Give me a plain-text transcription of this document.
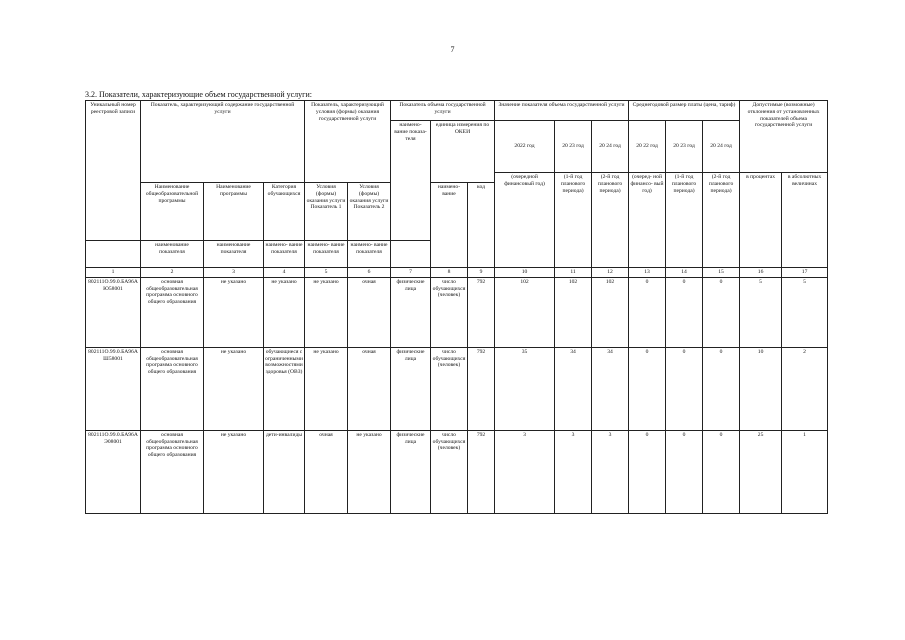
7
3.2. Показатели, характеризующие объем государственной услуги:
Уникальный номер реестровой записи	Показатель, характеризующий содержание государственной услуги			Показатель, характеризующий условия (формы) оказания государственной услуги		Показатель объема государственной услуги			Значение показателя объема государственной услуги			Среднегодовой размер платы (цена, тариф)			Допустимые (возможные) отклонения от установленных показателей объема государственной услуги	
						наимено- вание показа- теля	единица измерения по ОКЕИ		2022 год	20 23 год	20 24 год	20 22 год	20 23 год	20 24 год		
									(очередной финансовый год)	(1-й год планового периода)	(2-й год планового периода)	(очеред- ной финансо- вый год)	(1-й год планового периода)	(2-й год планового периода)	в процентах	в абсолютных величинах
	Наименование общеобразовательной программы	Наименование программы	Категория обучающихся	Условия (формы) оказания услуги Показатель 1	Условия (формы) оказания услуги Показатель 2		наимено- вание	код								
	наименование показателя	наименование показателя	наимено- вание показателя	наимено- вание показателя	наимено- вание показателя											
1	2	3	4	5	6	7	8	9	10	11	12	13	14	15	16	17
802111О.99.0.БА96АЮ58001	основная общеобразовательная программа основного общего образования	не указано	не указано	не указано	очная	физические лица	число обучающихся (человек)	792	102	102	102	0	0	0	5	5
802111О.99.0.БА96АШ58001	основная общеобразовательная программа основного общего образования	не указано	обучающиеся с ограниченными возможностями здоровья (ОВЗ)	не указано	очная	физические лица	число обучающихся (человек)	792	35	34	34	0	0	0	10	2
802111О.99.0.БА96АЭ08001	основная общеобразовательная программа основного общего образования	не указано	дети-инвалиды	очная	не указано	физические лица	число обучающихся (человек)	792	3	3	3	0	0	0	25	1
